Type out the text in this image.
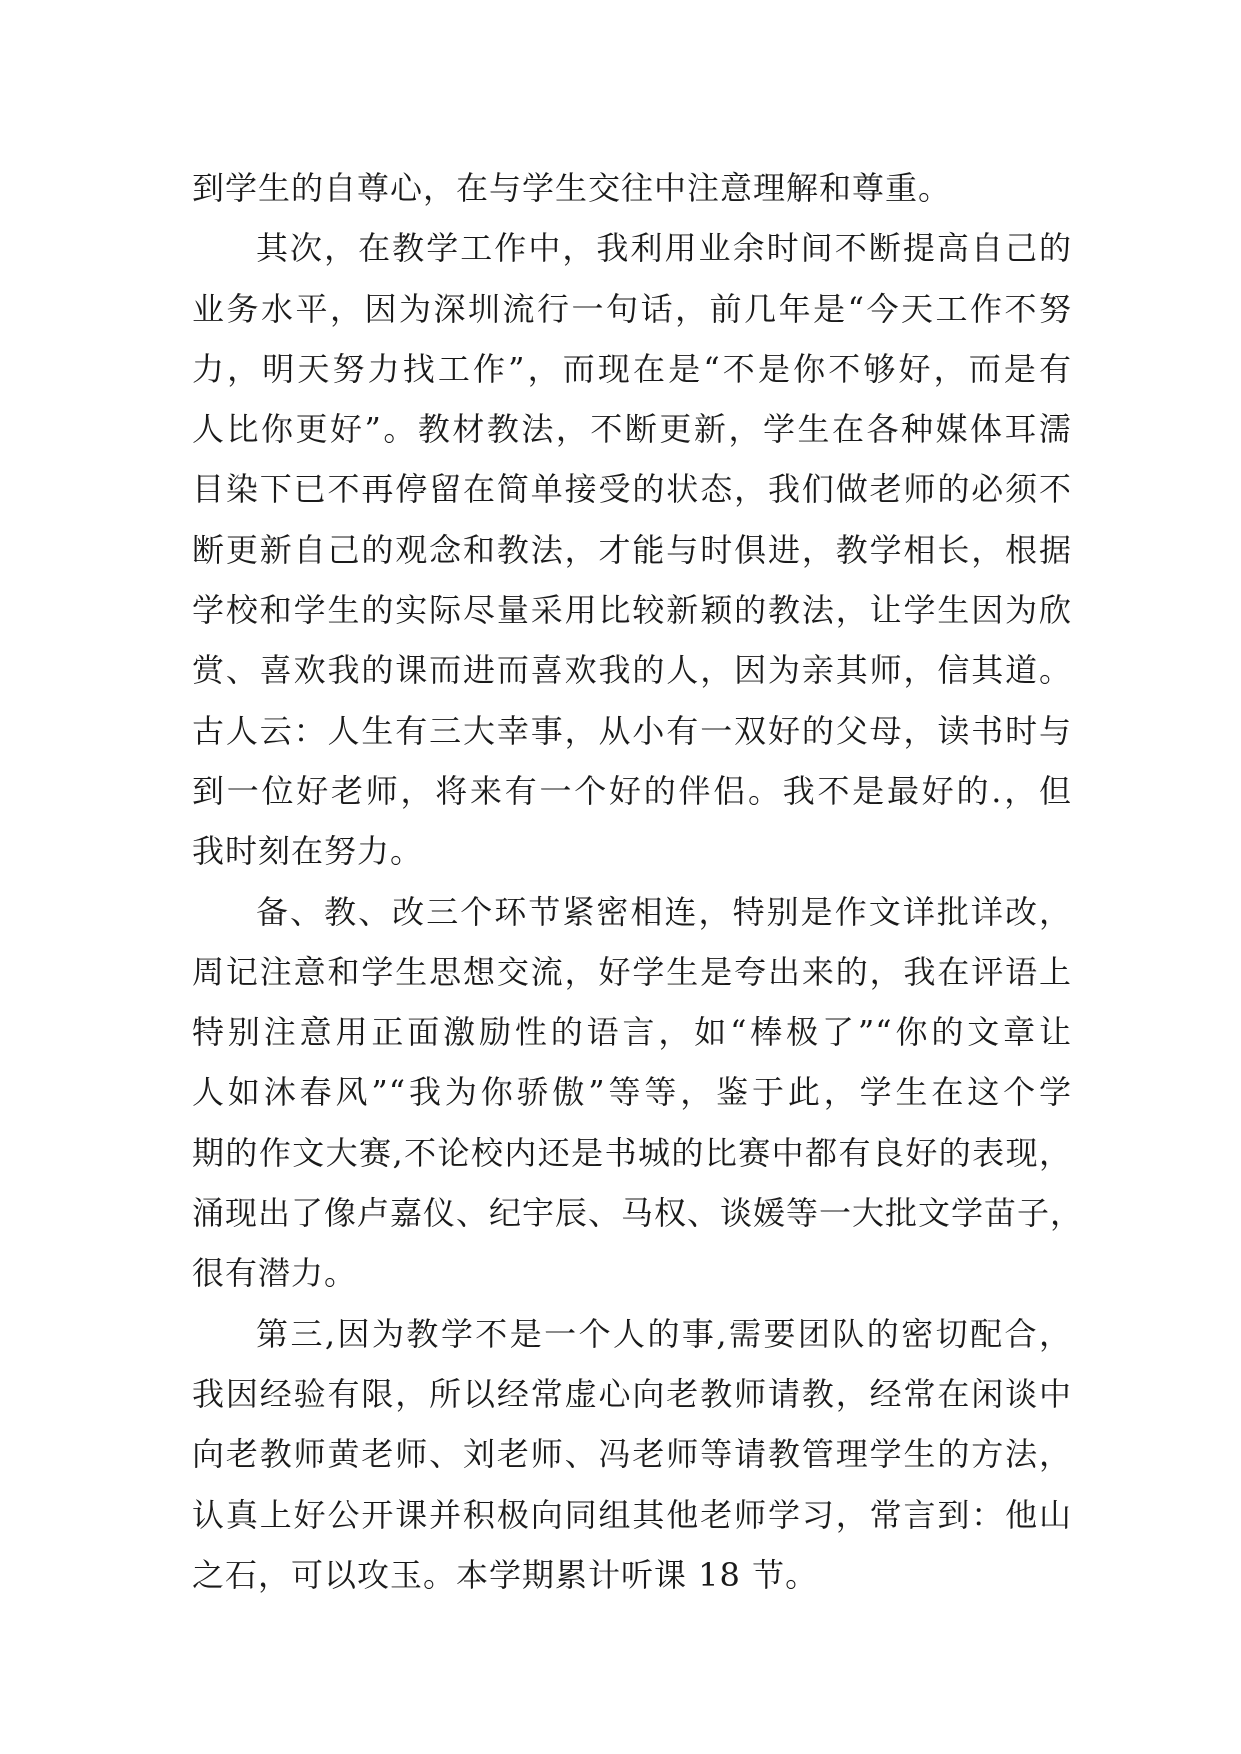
到学生的自尊心，在与学生交往中注意理解和尊重。
其次，在教学工作中，我利用业余时间不断提高自己的
业务水平，因为深圳流行一句话，前几年是“今天工作不努
力，明天努力找工作”，而现在是“不是你不够好，而是有
人比你更好”。教材教法，不断更新，学生在各种媒体耳濡
目染下已不再停留在简单接受的状态，我们做老师的必须不
断更新自己的观念和教法，才能与时俱进，教学相长，根据
学校和学生的实际尽量采用比较新颖的教法，让学生因为欣
赏、喜欢我的课而进而喜欢我的人，因为亲其师，信其道。
古人云：人生有三大幸事，从小有一双好的父母，读书时与
到一位好老师，将来有一个好的伴侣。我不是最好的.，但
我时刻在努力。
备、教、改三个环节紧密相连，特别是作文详批详改，
周记注意和学生思想交流，好学生是夸出来的，我在评语上
特别注意用正面激励性的语言，如“棒极了”“你的文章让
人如沐春风”“我为你骄傲”等等，鉴于此，学生在这个学
期的作文大赛,不论校内还是书城的比赛中都有良好的表现，
涌现出了像卢嘉仪、纪宇辰、马权、谈媛等一大批文学苗子，
很有潜力。
第三,因为教学不是一个人的事,需要团队的密切配合，
我因经验有限，所以经常虚心向老教师请教，经常在闲谈中
向老教师黄老师、刘老师、冯老师等请教管理学生的方法，
认真上好公开课并积极向同组其他老师学习，常言到：他山
之石，可以攻玉。本学期累计听课 18 节。
